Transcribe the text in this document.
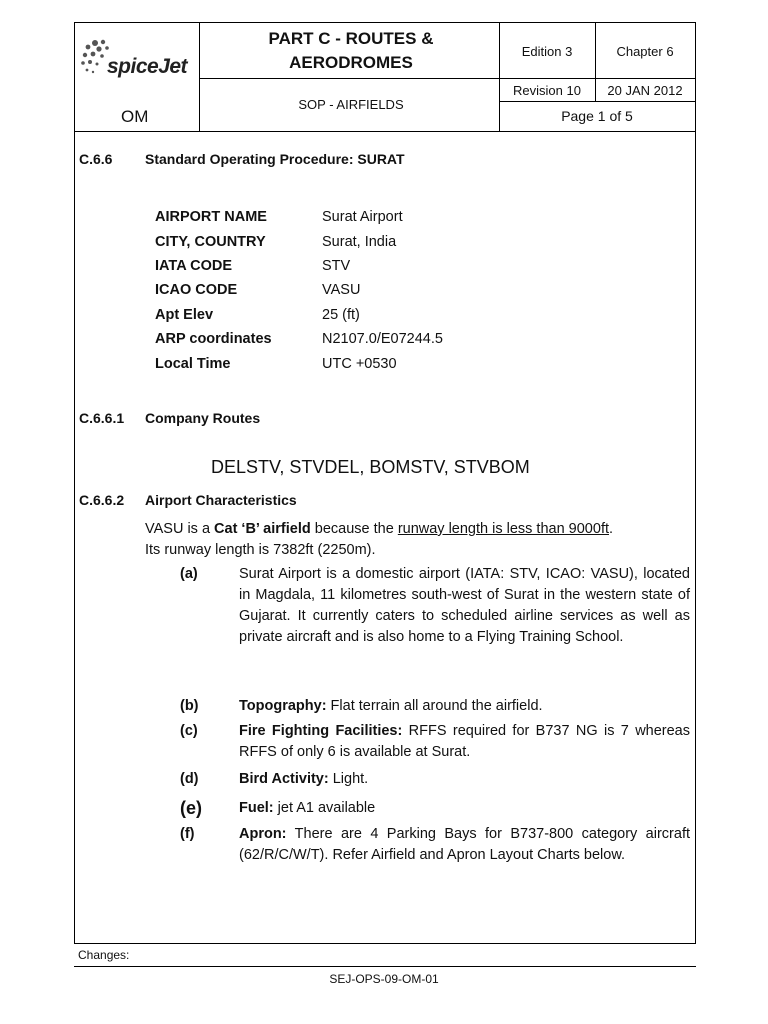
spiceJet
OM
PART C - ROUTES &
AERODROMES
SOP - AIRFIELDS
Edition 3	Chapter 6
Revision 10	20 JAN 2012
Page 1 of 5
C.6.6 Standard Operating Procedure: SURAT
AIRPORT NAME	Surat Airport
CITY, COUNTRY	Surat, India
IATA CODE	STV
ICAO CODE	VASU
Apt Elev	25 (ft)
ARP coordinates	N2107.0/E07244.5
Local Time	UTC +0530
C.6.6.1 Company Routes
DELSTV, STVDEL, BOMSTV, STVBOM
C.6.6.2 Airport Characteristics
VASU is a Cat ‘B’ airfield because the runway length is less than 9000ft.
Its runway length is 7382ft (2250m).
(a)	Surat Airport is a domestic airport (IATA: STV, ICAO: VASU), located in Magdala, 11 kilometres south-west of Surat in the western state of Gujarat. It currently caters to scheduled airline services as well as private aircraft and is also home to a Flying Training School.
(b)	Topography: Flat terrain all around the airfield.
(c)	Fire Fighting Facilities: RFFS required for B737 NG is 7 whereas RFFS of only 6 is available at Surat.
(d)	Bird Activity: Light.
(e)	Fuel: jet A1 available
(f)	Apron: There are 4 Parking Bays for B737-800 category aircraft (62/R/C/W/T). Refer Airfield and Apron Layout Charts below.
Changes:
SEJ-OPS-09-OM-01
